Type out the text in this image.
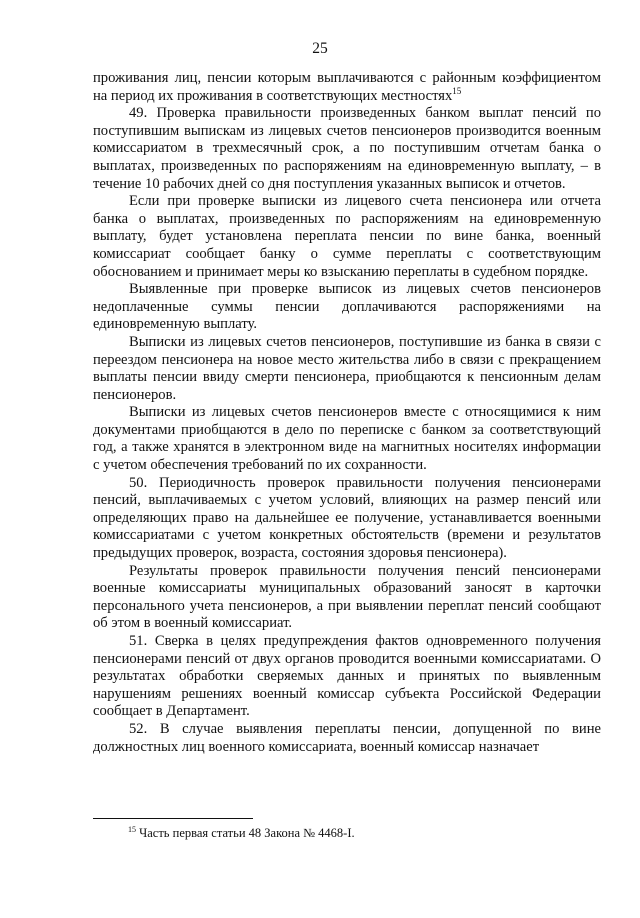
25

проживания лиц, пенсии которым выплачиваются с районным коэффициентом на период их проживания в соответствующих местностях$^{15}$

49. Проверка правильности произведенных банком выплат пенсий по поступившим выпискам из лицевых счетов пенсионеров производится военным комиссариатом в трехмесячный срок, а по поступившим отчетам банка о выплатах, произведенных по распоряжениям на единовременную выплату, – в течение 10 рабочих дней со дня поступления указанных выписок и отчетов.

Если при проверке выписки из лицевого счета пенсионера или отчета банка о выплатах, произведенных по распоряжениям на единовременную выплату, будет установлена переплата пенсии по вине банка, военный комиссариат сообщает банку о сумме переплаты с соответствующим обоснованием и принимает меры ко взысканию переплаты в судебном порядке.

Выявленные при проверке выписок из лицевых счетов пенсионеров недоплаченные суммы пенсии доплачиваются распоряжениями на единовременную выплату.

Выписки из лицевых счетов пенсионеров, поступившие из банка в связи с переездом пенсионера на новое место жительства либо в связи с прекращением выплаты пенсии ввиду смерти пенсионера, приобщаются к пенсионным делам пенсионеров.

Выписки из лицевых счетов пенсионеров вместе с относящимися к ним документами приобщаются в дело по переписке с банком за соответствующий год, а также хранятся в электронном виде на магнитных носителях информации с учетом обеспечения требований по их сохранности.

50. Периодичность проверок правильности получения пенсионерами пенсий, выплачиваемых с учетом условий, влияющих на размер пенсий или определяющих право на дальнейшее ее получение, устанавливается военными комиссариатами с учетом конкретных обстоятельств (времени и результатов предыдущих проверок, возраста, состояния здоровья пенсионера).

Результаты проверок правильности получения пенсий пенсионерами военные комиссариаты муниципальных образований заносят в карточки персонального учета пенсионеров, а при выявлении переплат пенсий сообщают об этом в военный комиссариат.

51. Сверка в целях предупреждения фактов одновременного получения пенсионерами пенсий от двух органов проводится военными комиссариатами. О результатах обработки сверяемых данных и принятых по выявленным нарушениям решениях военный комиссар субъекта Российской Федерации сообщает в Департамент.

52. В случае выявления переплаты пенсии, допущенной по вине должностных лиц военного комиссариата, военный комиссар назначает

$^{15}$ Часть первая статьи 48 Закона № 4468-I.
